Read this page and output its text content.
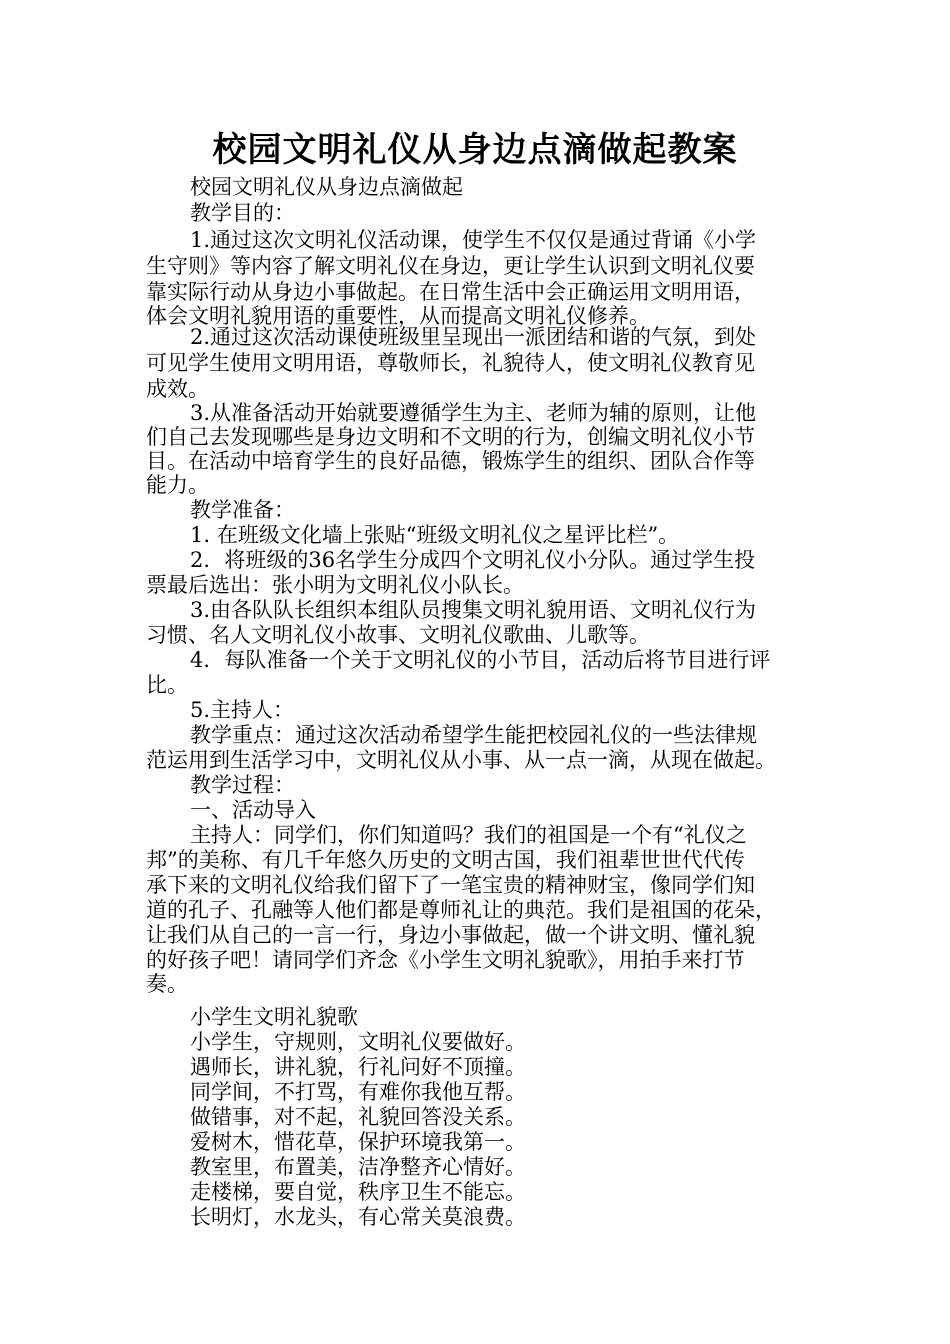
校园文明礼仪从身边点滴做起教案

校园文明礼仪从身边点滴做起

教学目的：

1.通过这次文明礼仪活动课，使学生不仅仅是通过背诵《小学

生守则》等内容了解文明礼仪在身边，更让学生认识到文明礼仪要

靠实际行动从身边小事做起。在日常生活中会正确运用文明用语，

体会文明礼貌用语的重要性，从而提高文明礼仪修养。

2.通过这次活动课使班级里呈现出一派团结和谐的气氛，到处

可见学生使用文明用语，尊敬师长，礼貌待人，使文明礼仪教育见

成效。

3.从准备活动开始就要遵循学生为主、老师为辅的原则，让他

们自己去发现哪些是身边文明和不文明的行为，创编文明礼仪小节

目。在活动中培育学生的良好品德，锻炼学生的组织、团队合作等

能力。

教学准备：

1. 在班级文化墙上张贴“班级文明礼仪之星评比栏”。

2．将班级的36名学生分成四个文明礼仪小分队。通过学生投

票最后选出：张小明为文明礼仪小队长。

3.由各队队长组织本组队员搜集文明礼貌用语、文明礼仪行为

习惯、名人文明礼仪小故事、文明礼仪歌曲、儿歌等。

4．每队准备一个关于文明礼仪的小节目，活动后将节目进行评

比。

5.主持人：

教学重点：通过这次活动希望学生能把校园礼仪的一些法律规

范运用到生活学习中，文明礼仪从小事、从一点一滴，从现在做起。

教学过程：

一、活动导入

主持人：同学们，你们知道吗？我们的祖国是一个有“礼仪之

邦”的美称、有几千年悠久历史的文明古国，我们祖辈世世代代传

承下来的文明礼仪给我们留下了一笔宝贵的精神财宝，像同学们知

道的孔子、孔融等人他们都是尊师礼让的典范。我们是祖国的花朵，

让我们从自己的一言一行，身边小事做起，做一个讲文明、懂礼貌

的好孩子吧！请同学们齐念《小学生文明礼貌歌》，用拍手来打节

奏。

小学生文明礼貌歌

小学生，守规则，文明礼仪要做好。

遇师长，讲礼貌，行礼问好不顶撞。

同学间，不打骂，有难你我他互帮。

做错事，对不起，礼貌回答没关系。

爱树木，惜花草，保护环境我第一。

教室里，布置美，洁净整齐心情好。

走楼梯，要自觉，秩序卫生不能忘。

长明灯，水龙头，有心常关莫浪费。
